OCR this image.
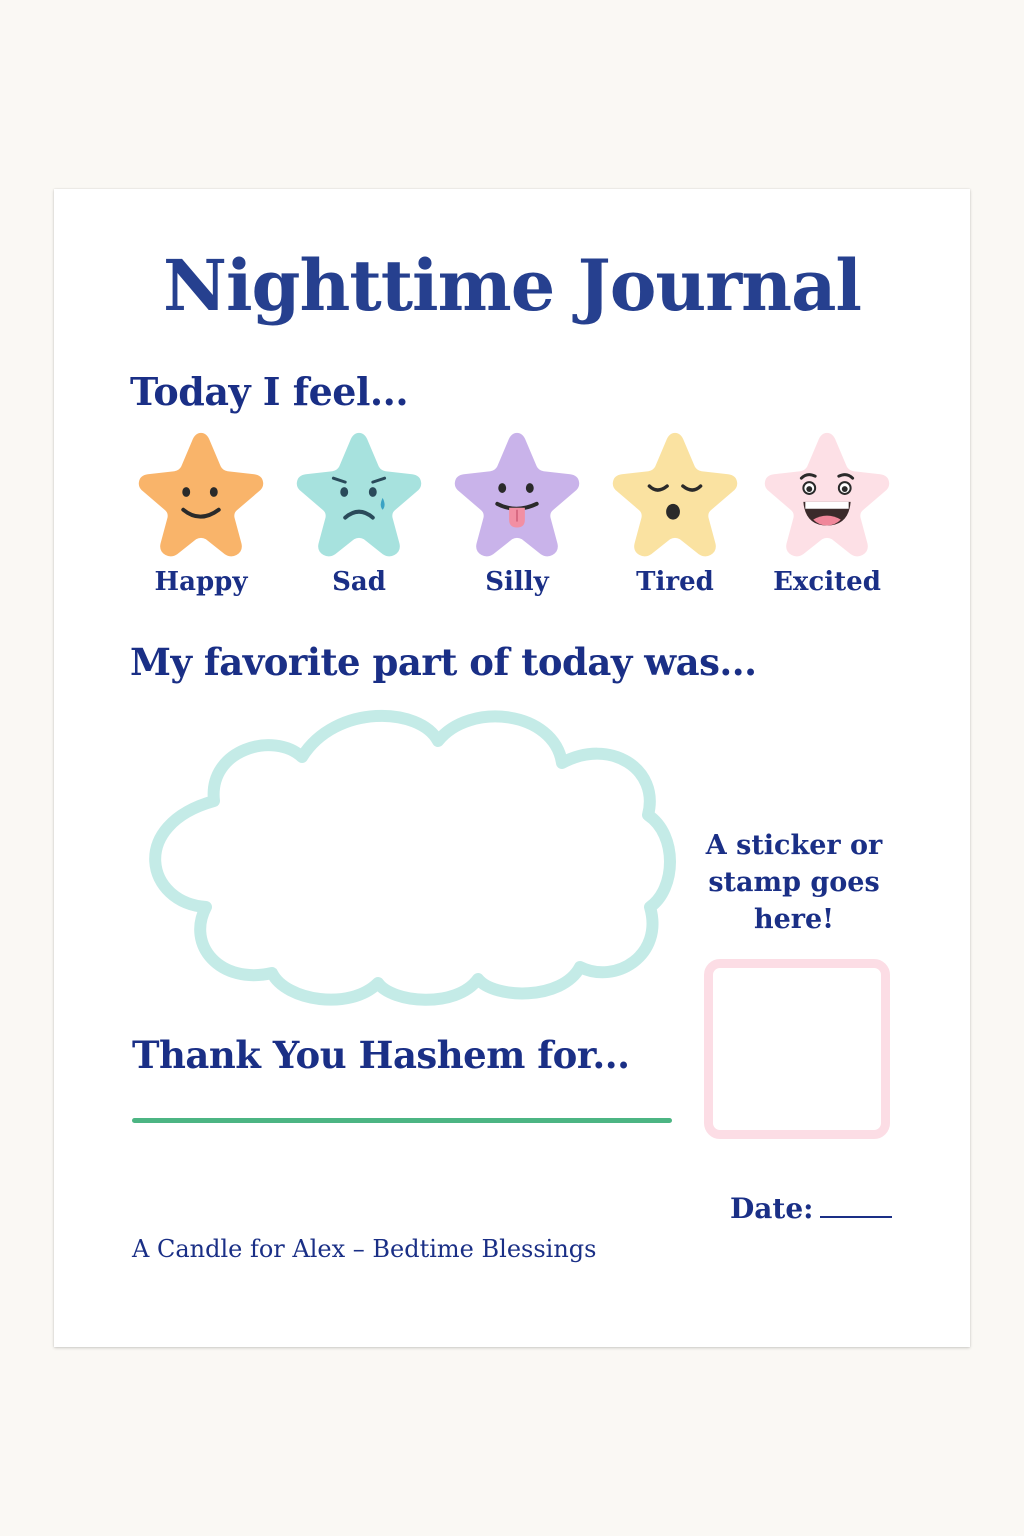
Nighttime Journal
Today I feel...
Happy	Sad	Silly	Tired	Excited
My favorite part of today was...
A sticker or stamp goes here!
Thank You Hashem for...
Date:
A Candle for Alex – Bedtime Blessings
